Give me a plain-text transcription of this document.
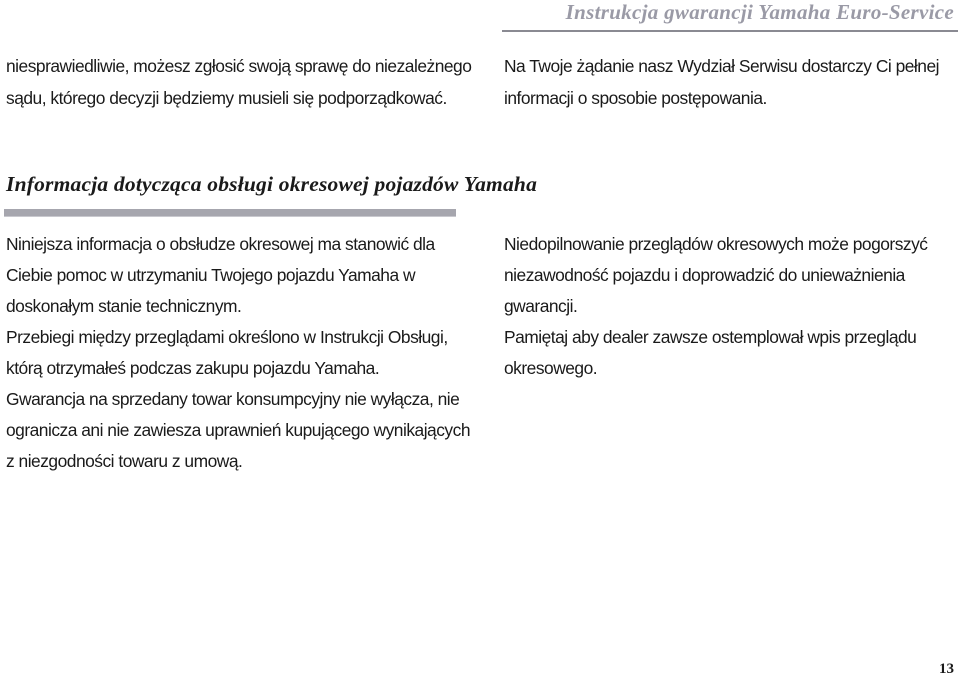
Instrukcja gwarancji Yamaha Euro-Service

niesprawiedliwie, możesz zgłosić swoją sprawę do niezależnego sądu, którego decyzji będziemy musieli się podporządkować.

Na Twoje żądanie nasz Wydział Serwisu dostarczy Ci pełnej informacji o sposobie postępowania.

Informacja dotycząca obsługi okresowej pojazdów Yamaha

Niniejsza informacja o obsłudze okresowej ma stanowić dla Ciebie pomoc w utrzymaniu Twojego pojazdu Yamaha w doskonałym stanie technicznym.

Przebiegi między przeglądami określono w Instrukcji Obsługi, którą otrzymałeś podczas zakupu pojazdu Yamaha.

Gwarancja na sprzedany towar konsumpcyjny nie wyłącza, nie ogranicza ani nie zawiesza uprawnień kupującego wynikających z niezgodności towaru z umową.

Niedopilnowanie przeglądów okresowych może pogorszyć niezawodność pojazdu i doprowadzić do unieważnienia gwarancji.

Pamiętaj aby dealer zawsze ostemplował wpis przeglądu okresowego.

13
